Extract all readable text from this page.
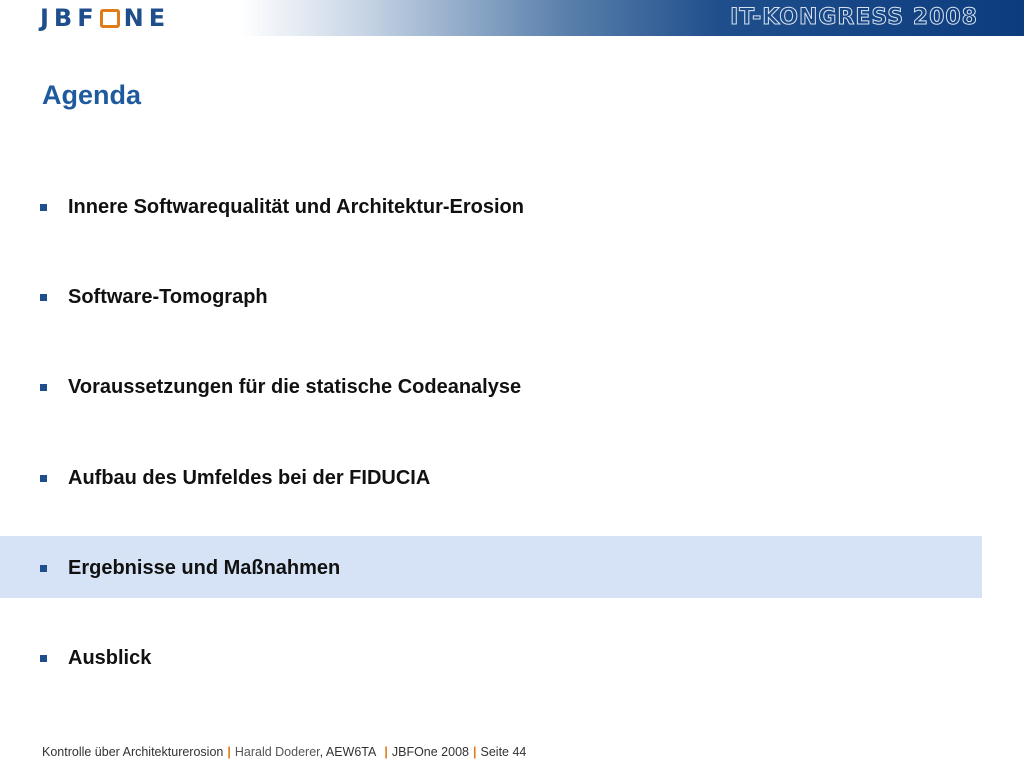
JBF NE	IT-KONGRESS 2008
Agenda
Innere Softwarequalität und Architektur-Erosion
Software-Tomograph
Voraussetzungen für die statische Codeanalyse
Aufbau des Umfeldes bei der FIDUCIA
Ergebnisse und Maßnahmen
Ausblick
Kontrolle über Architekturerosion | Harald Doderer, AEW6TA | JBFOne 2008 | Seite 44
